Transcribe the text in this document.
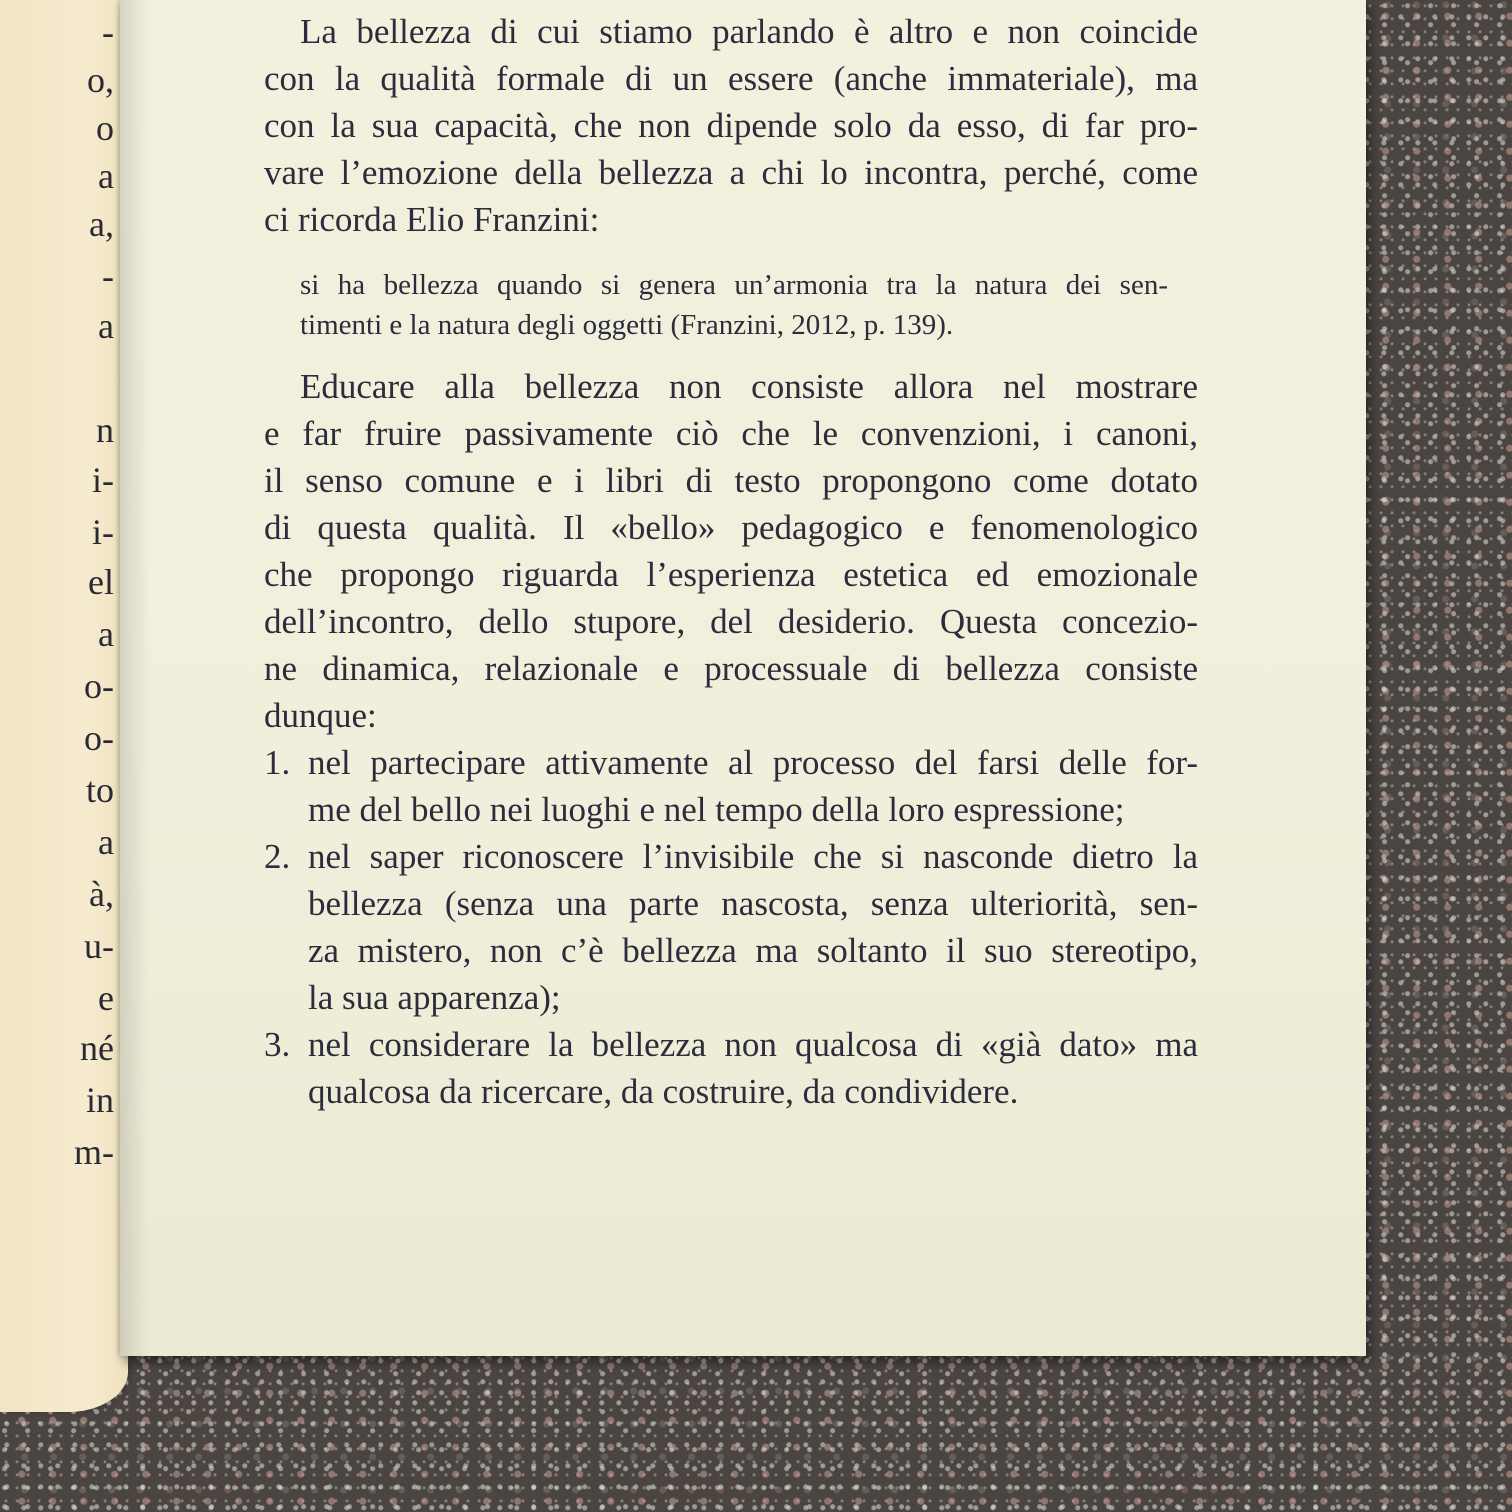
-
o,
o
a
a,
-
a
n
i-
i-
el
a
o-
o-
to
a
à,
u-
e
né
in
m-

La bellezza di cui stiamo parlando è altro e non coincide
con la qualità formale di un essere (anche immateriale), ma
con la sua capacità, che non dipende solo da esso, di far pro-
vare l’emozione della bellezza a chi lo incontra, perché, come
ci ricorda Elio Franzini:

si ha bellezza quando si genera un’armonia tra la natura dei sen-
timenti e la natura degli oggetti (Franzini, 2012, p. 139).

Educare alla bellezza non consiste allora nel mostrare
e far fruire passivamente ciò che le convenzioni, i canoni,
il senso comune e i libri di testo propongono come dotato
di questa qualità. Il «bello» pedagogico e fenomenologico
che propongo riguarda l’esperienza estetica ed emozionale
dell’incontro, dello stupore, del desiderio. Questa concezio-
ne dinamica, relazionale e processuale di bellezza consiste
dunque:

1. nel partecipare attivamente al processo del farsi delle for-
me del bello nei luoghi e nel tempo della loro espressione;
2. nel saper riconoscere l’invisibile che si nasconde dietro la
bellezza (senza una parte nascosta, senza ulteriorità, sen-
za mistero, non c’è bellezza ma soltanto il suo stereotipo,
la sua apparenza);
3. nel considerare la bellezza non qualcosa di «già dato» ma
qualcosa da ricercare, da costruire, da condividere.
